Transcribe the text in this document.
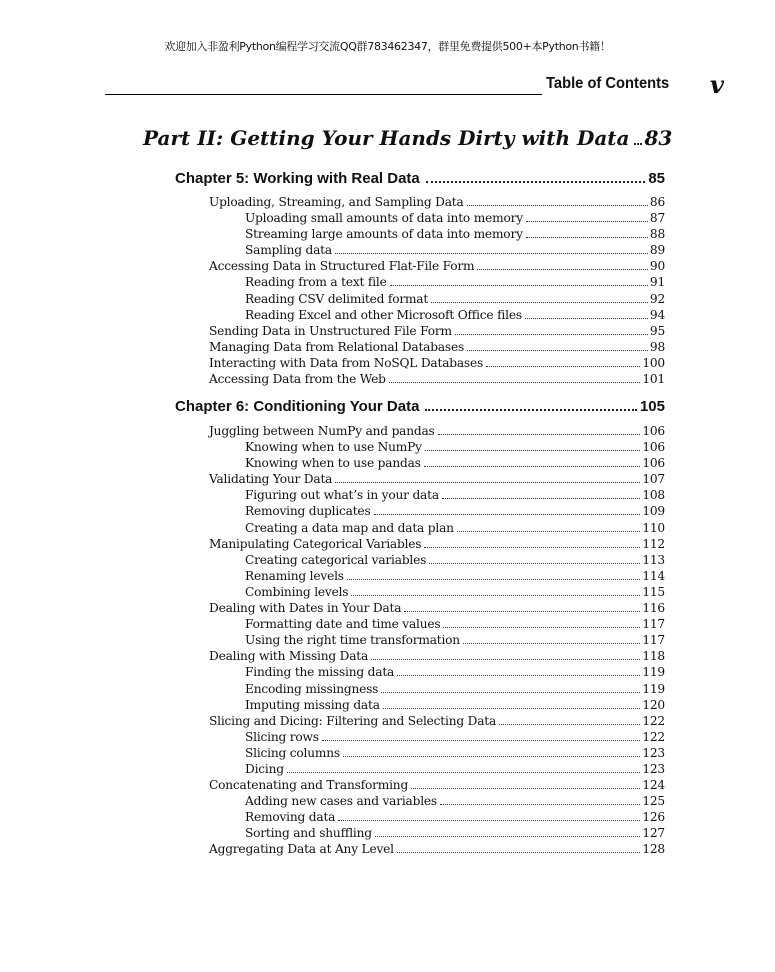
欢迎加入非盈利Python编程学习交流QQ群783462347，群里免费提供500+本Python书籍！
Table of Contents v
Part II: Getting Your Hands Dirty with Data 83
Chapter 5: Working with Real Data	85
Uploading, Streaming, and Sampling Data	86
Uploading small amounts of data into memory	87
Streaming large amounts of data into memory	88
Sampling data	89
Accessing Data in Structured Flat-File Form	90
Reading from a text file	91
Reading CSV delimited format	92
Reading Excel and other Microsoft Office files	94
Sending Data in Unstructured File Form	95
Managing Data from Relational Databases	98
Interacting with Data from NoSQL Databases	100
Accessing Data from the Web	101
Chapter 6: Conditioning Your Data	105
Juggling between NumPy and pandas	106
Knowing when to use NumPy	106
Knowing when to use pandas	106
Validating Your Data	107
Figuring out what’s in your data	108
Removing duplicates	109
Creating a data map and data plan	110
Manipulating Categorical Variables	112
Creating categorical variables	113
Renaming levels	114
Combining levels	115
Dealing with Dates in Your Data	116
Formatting date and time values	117
Using the right time transformation	117
Dealing with Missing Data	118
Finding the missing data	119
Encoding missingness	119
Imputing missing data	120
Slicing and Dicing: Filtering and Selecting Data	122
Slicing rows	122
Slicing columns	123
Dicing	123
Concatenating and Transforming	124
Adding new cases and variables	125
Removing data	126
Sorting and shuffling	127
Aggregating Data at Any Level	128
